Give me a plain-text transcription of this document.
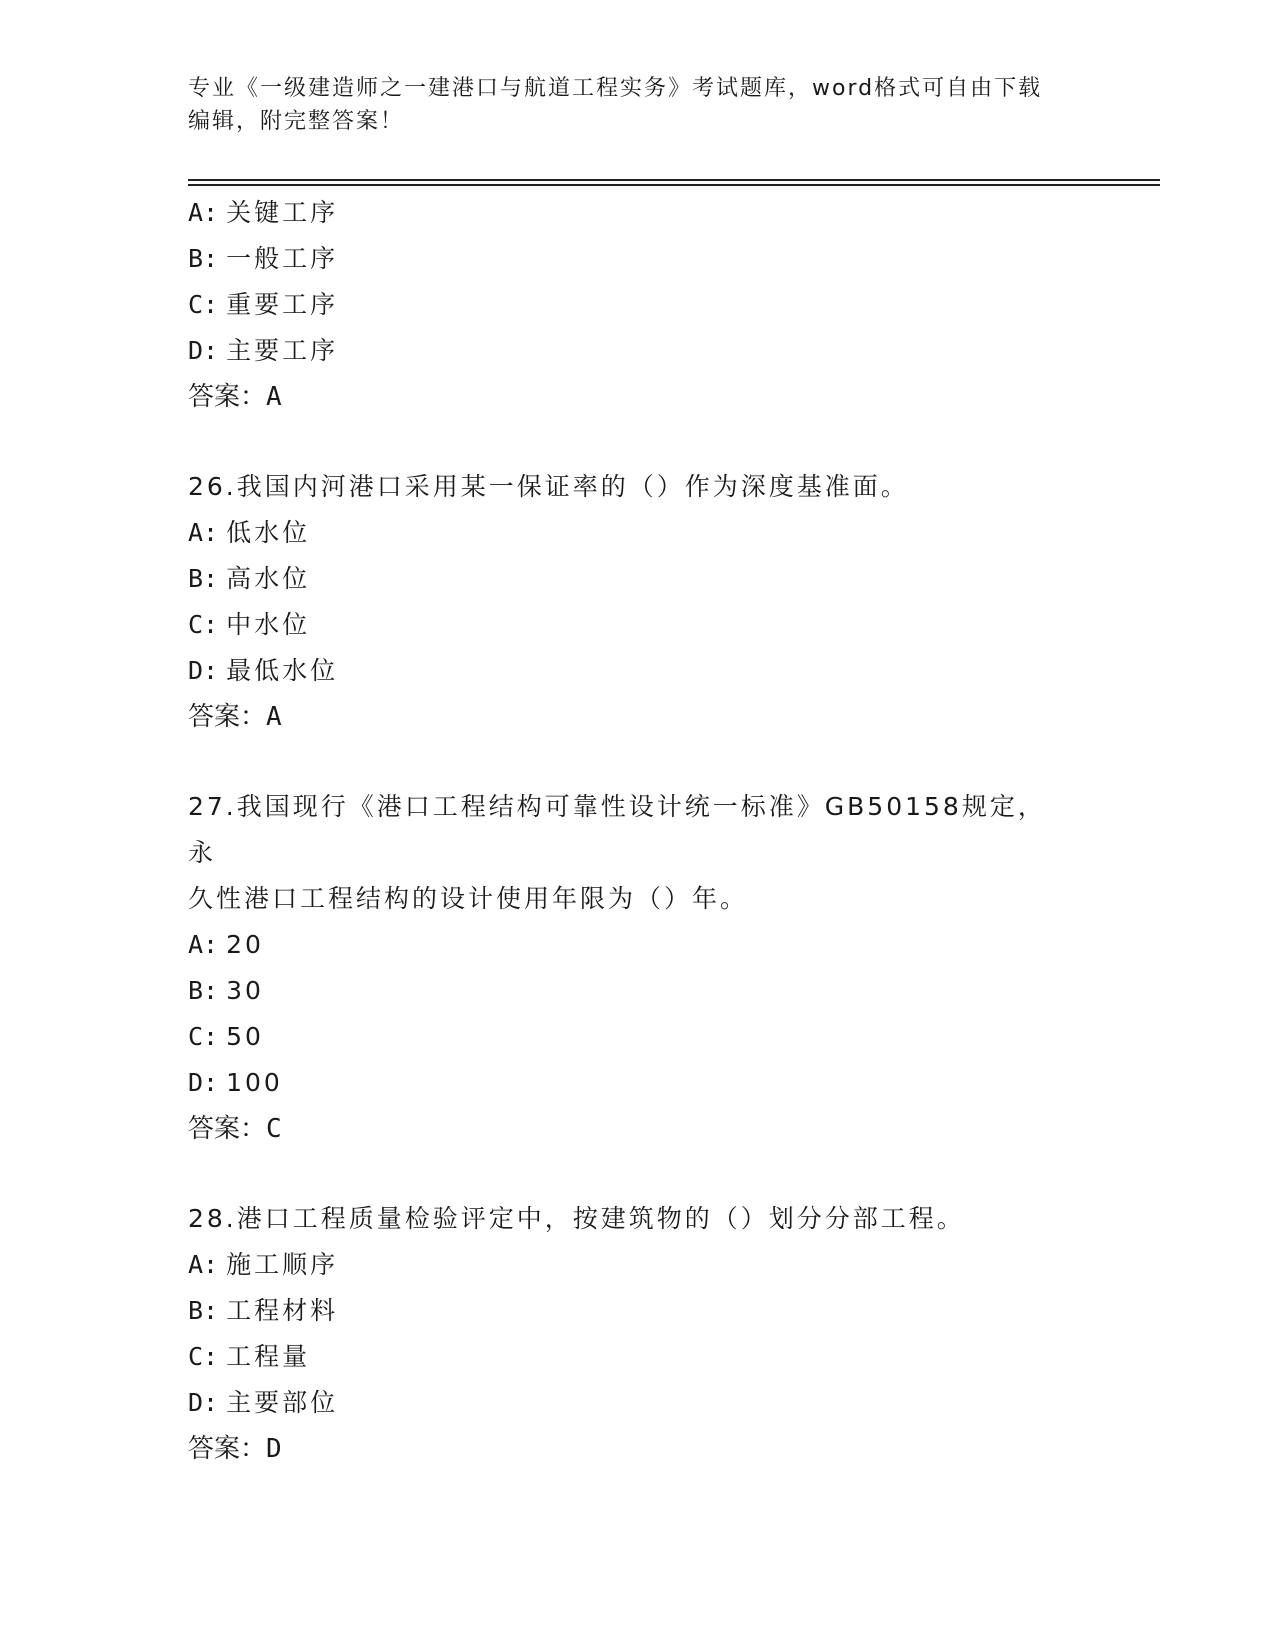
专业《一级建造师之一建港口与航道工程实务》考试题库，word格式可自由下载
编辑，附完整答案！
A: 关键工序
B: 一般工序
C: 重要工序
D: 主要工序
答案：A
26.我国内河港口采用某一保证率的（）作为深度基准面。
A: 低水位
B: 高水位
C: 中水位
D: 最低水位
答案：A
27.我国现行《港口工程结构可靠性设计统一标准》GB50158规定，永
久性港口工程结构的设计使用年限为（）年。
A: 20
B: 30
C: 50
D: 100
答案：C
28.港口工程质量检验评定中，按建筑物的（）划分分部工程。
A: 施工顺序
B: 工程材料
C: 工程量
D: 主要部位
答案：D
